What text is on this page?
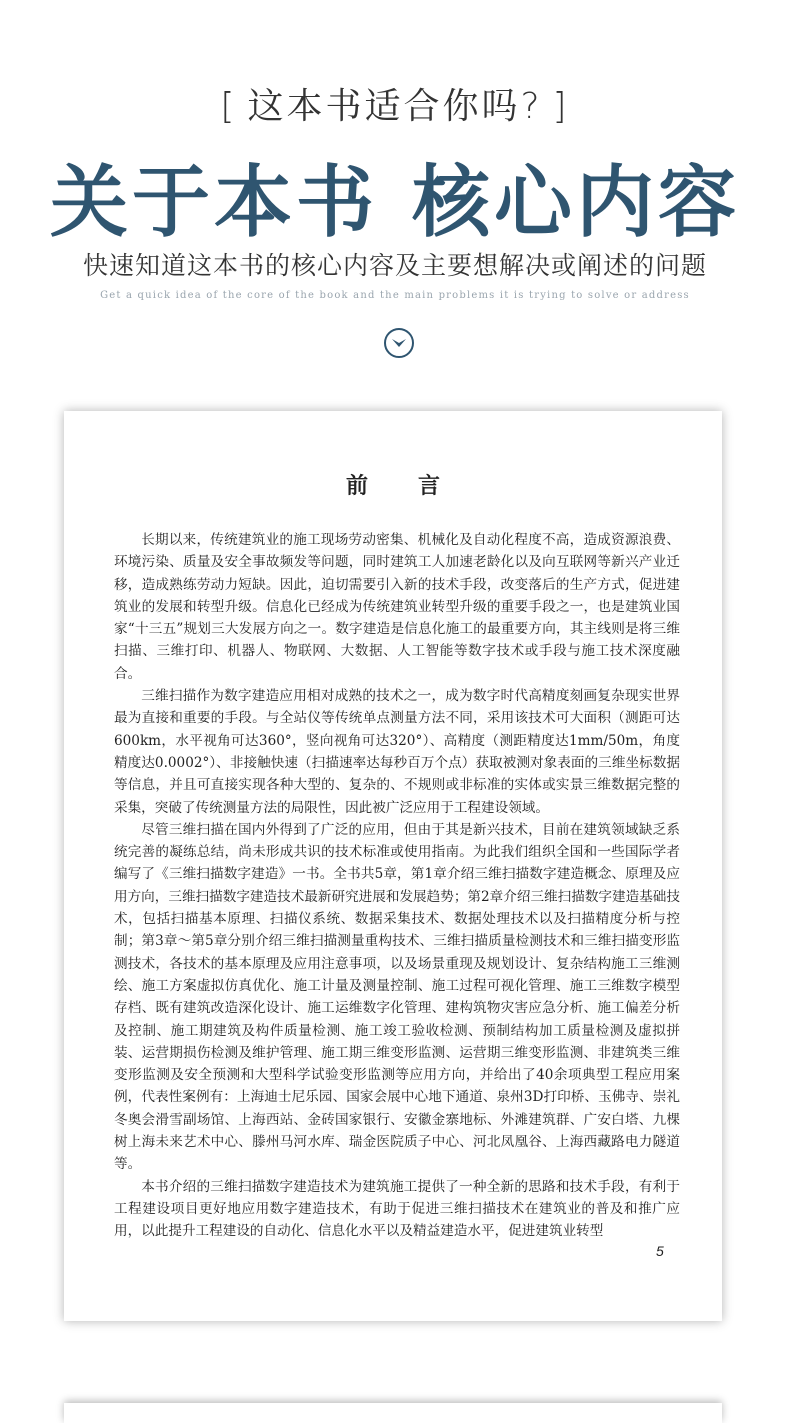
[ 这本书适合你吗? ]
关于本书 核心内容
快速知道这本书的核心内容及主要想解决或阐述的问题
Get a quick idea of the core of the book and the main problems it is trying to solve or address
前言

长期以来，传统建筑业的施工现场劳动密集、机械化及自动化程度不高，造成资源浪费、环境污染、质量及安全事故频发等问题，同时建筑工人加速老龄化以及向互联网等新兴产业迁移，造成熟练劳动力短缺。因此，迫切需要引入新的技术手段，改变落后的生产方式，促进建筑业的发展和转型升级。信息化已经成为传统建筑业转型升级的重要手段之一，也是建筑业国家“十三五”规划三大发展方向之一。数字建造是信息化施工的最重要方向，其主线则是将三维扫描、三维打印、机器人、物联网、大数据、人工智能等数字技术或手段与施工技术深度融合。

三维扫描作为数字建造应用相对成熟的技术之一，成为数字时代高精度刻画复杂现实世界最为直接和重要的手段。与全站仪等传统单点测量方法不同，采用该技术可大面积（测距可达600km，水平视角可达360°，竖向视角可达320°）、高精度（测距精度达1mm/50m，角度精度达0.0002°）、非接触快速（扫描速率达每秒百万个点）获取被测对象表面的三维坐标数据等信息，并且可直接实现各种大型的、复杂的、不规则或非标准的实体或实景三维数据完整的采集，突破了传统测量方法的局限性，因此被广泛应用于工程建设领域。

尽管三维扫描在国内外得到了广泛的应用，但由于其是新兴技术，目前在建筑领域缺乏系统完善的凝练总结，尚未形成共识的技术标准或使用指南。为此我们组织全国和一些国际学者编写了《三维扫描数字建造》一书。全书共5章，第1章介绍三维扫描数字建造概念、原理及应用方向，三维扫描数字建造技术最新研究进展和发展趋势；第2章介绍三维扫描数字建造基础技术，包括扫描基本原理、扫描仪系统、数据采集技术、数据处理技术以及扫描精度分析与控制；第3章～第5章分别介绍三维扫描测量重构技术、三维扫描质量检测技术和三维扫描变形监测技术，各技术的基本原理及应用注意事项，以及场景重现及规划设计、复杂结构施工三维测绘、施工方案虚拟仿真优化、施工计量及测量控制、施工过程可视化管理、施工三维数字模型存档、既有建筑改造深化设计、施工运维数字化管理、建构筑物灾害应急分析、施工偏差分析及控制、施工期建筑及构件质量检测、施工竣工验收检测、预制结构加工质量检测及虚拟拼装、运营期损伤检测及维护管理、施工期三维变形监测、运营期三维变形监测、非建筑类三维变形监测及安全预测和大型科学试验变形监测等应用方向，并给出了40余项典型工程应用案例，代表性案例有：上海迪士尼乐园、国家会展中心地下通道、泉州3D打印桥、玉佛寺、崇礼冬奥会滑雪副场馆、上海西站、金砖国家银行、安徽金寨地标、外滩建筑群、广安白塔、九棵树上海未来艺术中心、滕州马河水库、瑞金医院质子中心、河北凤凰谷、上海西藏路电力隧道等。

本书介绍的三维扫描数字建造技术为建筑施工提供了一种全新的思路和技术手段，有利于工程建设项目更好地应用数字建造技术，有助于促进三维扫描技术在建筑业的普及和推广应用，以此提升工程建设的自动化、信息化水平以及精益建造水平，促进建筑业转型

5
